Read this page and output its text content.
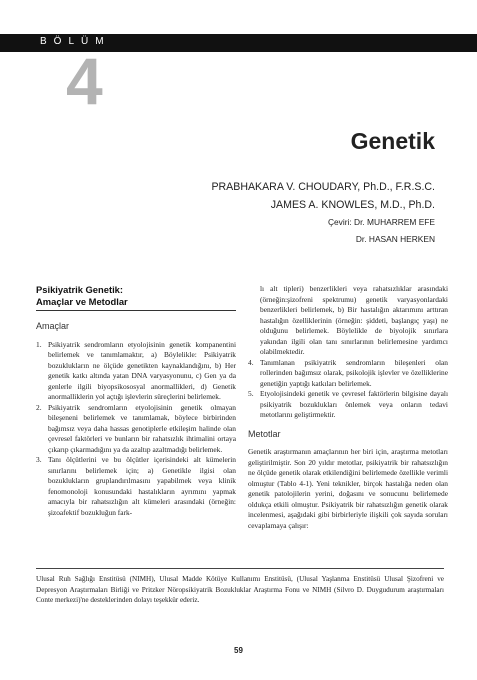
BÖLÜM
4
Genetik
PRABHAKARA V. CHOUDARY, Ph.D., F.R.S.C.
JAMES A. KNOWLES, M.D., Ph.D.
Çeviri: Dr. MUHARREM EFE
Dr. HASAN HERKEN
Psikiyatrik Genetik:
Amaçlar ve Metodlar
Amaçlar
1. Psikiyatrik sendromların etyolojisinin genetik kompanentini belirlemek ve tanımlamaktır, a) Böylelikle: Psikiyatrik bozuklukların ne ölçüde genetikten kaynaklandığını, b) Her genetik katkı altında yatan DNA varyasyonunu, c) Gen ya da genlerle ilgili biyopsikososyal anormallikleri, d) Genetik anormalliklerin yol açtığı işlevlerin süreçlerini belirlemek.
2. Psikiyatrik sendromların etyolojisinin genetik olmayan bileşeneni belirlemek ve tanımlamak, böylece birbirinden bağımsız veya daha hassas genotiplerle etkileşim halinde olan çevresel faktörleri ve bunların bir rahatsızlık ihtimalini ortaya çıkarıp çıkarmadığını ya da azaltıp azaltmadığı belirlemek.
3. Tanı ölçütlerini ve bu ölçütler içerisindeki alt kümelerin sınırlarını belirlemek için; a) Genetikle ilgisi olan bozuklukların gruplandırılmasını yapabilmek veya klinik fenomonoloji konusundaki hastalıkların ayrımını yapmak amacıyla bir rahatsızlığın alt kümeleri arasındaki (örneğin: şizoafektif bozukluğun fark-

lı alt tipleri) benzerlikleri veya rahatsızlıklar arasındaki (örneğin:şizofreni spektrumu) genetik varyasyonlardaki benzerlikleri belirlemek, b) Bir hastalığın aktarımını arttıran hastalığın özelliklerinin (örneğin: şiddeti, başlangıç yaşı) ne olduğunu belirlemek. Böylelikle de biyolojik sınırlara yakından ilgili olan tanı sınırlarının belirlemesine yardımcı olabilmektedir.

4. Tanımlanan psikiyatrik sendromların bileşenleri olan rollerinden bağımsız olarak, psikolojik işlevler ve özelliklerine genetiğin yaptığı katkıları belirlemek.
5. Etyolojisindeki genetik ve çevresel faktörlerin bilgisine dayalı psikiyatrik bozuklukları önlemek veya onların tedavi metotlarını geliştirmektir.
Metotlar

Genetik araştırmanın amaçlarının her biri için, araştırma metotları geliştirilmiştir. Son 20 yıldır metotlar, psikiyatrik bir rahatsızlığın ne ölçüde genetik olarak etkilendiğini belirlemede özellikle verimli olmuştur (Tablo 4-1). Yeni teknikler, birçok hastalığa neden olan genetik patolojilerin yerini, doğasını ve sonucunu belirlemede oldukça etkili olmuştur. Psikiyatrik bir rahatsızlığın genetik olarak incelenmesi, aşağıdaki gibi birbirleriyle ilişkili çok sayıda soruları cevaplamaya çalışır:

Ulusal Ruh Sağlığı Enstitüsü (NIMH), Ulusal Madde Kötüye Kullanımı Enstitüsü, (Ulusal Yaşlanma Enstitüsü Ulusal Şizofreni ve Depresyon Araştırmaları Birliği ve Pritzker Nöropsikiyatrik Bozukluklar Araştırma Fonu ve NIMH (Silvro D. Duygudurum araştırmaları Conte merkezi)'ne desteklerinden dolayı teşekkür ederiz.
59
